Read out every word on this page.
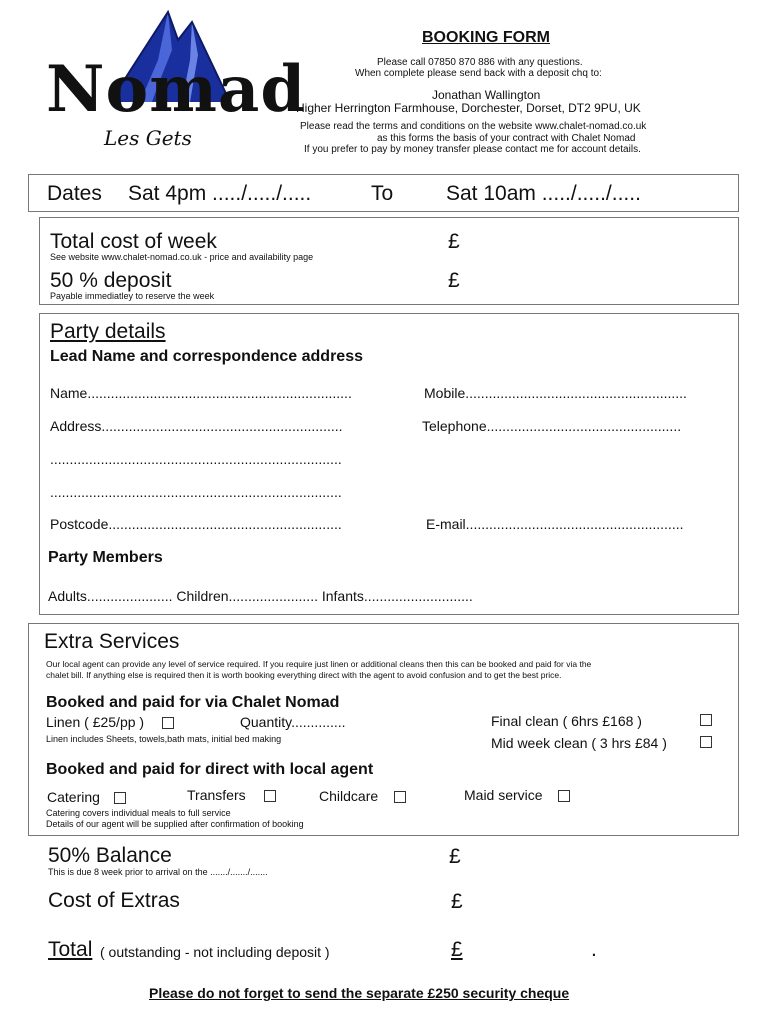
Nomad
Les Gets
BOOKING FORM
Please call 07850 870 886 with any questions.
When complete please send back with a deposit chq to:
Jonathan Wallington
Higher Herrington Farmhouse, Dorchester, Dorset, DT2 9PU, UK
Please read the terms and conditions on the website www.chalet-nomad.co.uk
as this forms the basis of your contract with Chalet Nomad
If you prefer to pay by money transfer please contact me for account details.
Dates Sat 4pm ...../...../.....	To	Sat 10am ...../...../.....
Total cost of week
See website www.chalet-nomad.co.uk - price and availability page
£
50 % deposit
Payable immediatley to reserve the week
£
Party details
Lead Name and correspondence address
Name....................................................................	Mobile.........................................................
Address..............................................................	Telephone..................................................
...........................................................................
...........................................................................
Postcode............................................................	E-mail........................................................
Party Members
Adults...................... Children....................... Infants............................
Extra Services
Our local agent can provide any level of service required. If you require just linen or additional cleans then this can be booked and paid for via the
chalet bill. If anything else is required then it is worth booking everything direct with the agent to avoid confusion and to get the best price.
Booked and paid for via Chalet Nomad
Linen ( £25/pp )	Quantity..............	Final clean ( 6hrs £168 )
Linen includes Sheets, towels,bath mats, initial bed making	Mid week clean ( 3 hrs £84 )
Booked and paid for direct with local agent
Catering	Transfers	Childcare	Maid service
Catering covers individual meals to full service
Details of our agent will be supplied after confirmation of booking
50% Balance
This is due 8 week prior to arrival on the ......./......./.......
£
Cost of Extras	£
Total ( outstanding - not including deposit )	£	.
Please do not forget to send the separate £250 security cheque
